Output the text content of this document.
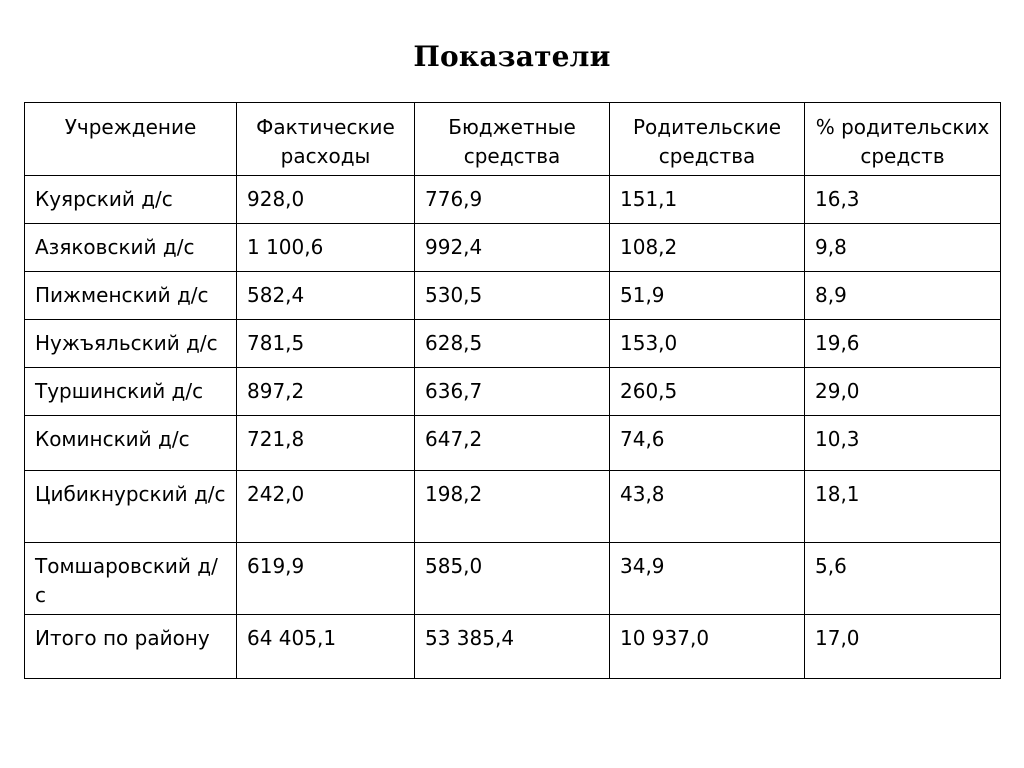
Показатели
Учреждение	Фактические расходы	Бюджетные средства	Родительские средства	% родительских средств
Куярский д/с	928,0	776,9	151,1	16,3
Азяковский д/с	1 100,6	992,4	108,2	9,8
Пижменский д/с	582,4	530,5	51,9	8,9
Нужъяльский д/с	781,5	628,5	153,0	19,6
Туршинский д/с	897,2	636,7	260,5	29,0
Коминский д/с	721,8	647,2	74,6	10,3
Цибикнурский д/с	242,0	198,2	43,8	18,1
Томшаровский д/с	619,9	585,0	34,9	5,6
Итого по району	64 405,1	53 385,4	10 937,0	17,0
